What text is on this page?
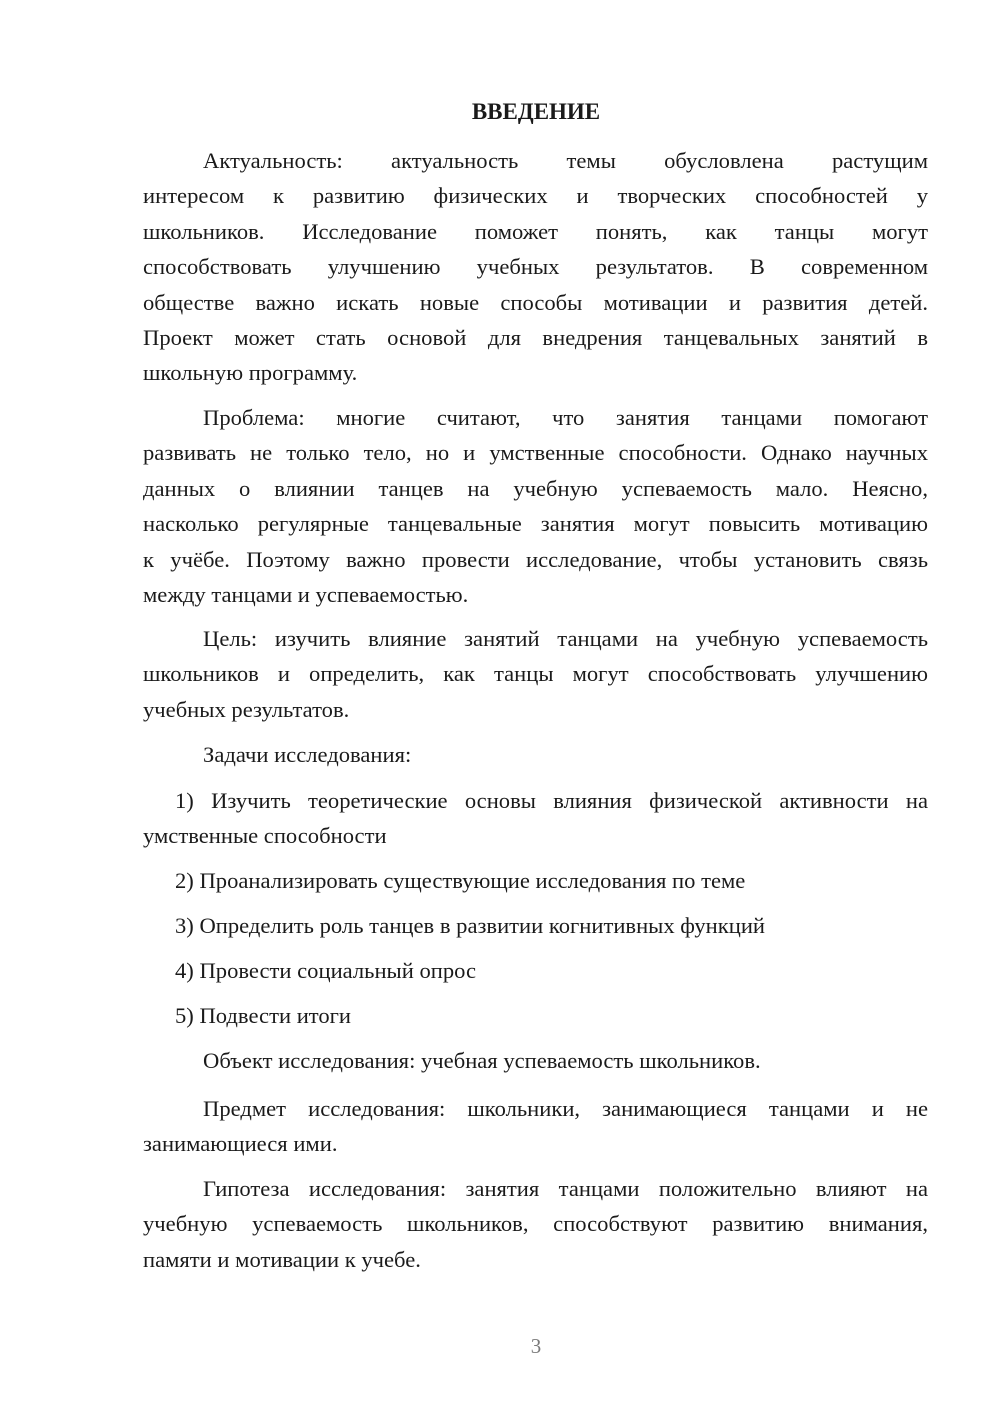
ВВЕДЕНИЕ

Актуальность: актуальность темы обусловлена растущим
интересом к развитию физических и творческих способностей у
школьников. Исследование поможет понять, как танцы могут
способствовать улучшению учебных результатов. В современном
обществе важно искать новые способы мотивации и развития детей.
Проект может стать основой для внедрения танцевальных занятий в
школьную программу.

Проблема: многие считают, что занятия танцами помогают
развивать не только тело, но и умственные способности. Однако научных
данных о влиянии танцев на учебную успеваемость мало. Неясно,
насколько регулярные танцевальные занятия могут повысить мотивацию
к учёбе. Поэтому важно провести исследование, чтобы установить связь
между танцами и успеваемостью.

Цель: изучить влияние занятий танцами на учебную успеваемость
школьников и определить, как танцы могут способствовать улучшению
учебных результатов.

Задачи исследования:

1) Изучить теоретические основы влияния физической активности на
умственные способности

2) Проанализировать существующие исследования по теме
3) Определить роль танцев в развитии когнитивных функций
4) Провести социальный опрос
5) Подвести итоги
Объект исследования: учебная успеваемость школьников.

Предмет исследования: школьники, занимающиеся танцами и не
занимающиеся ими.

Гипотеза исследования: занятия танцами положительно влияют на
учебную успеваемость школьников, способствуют развитию внимания,
памяти и мотивации к учебе.

3
